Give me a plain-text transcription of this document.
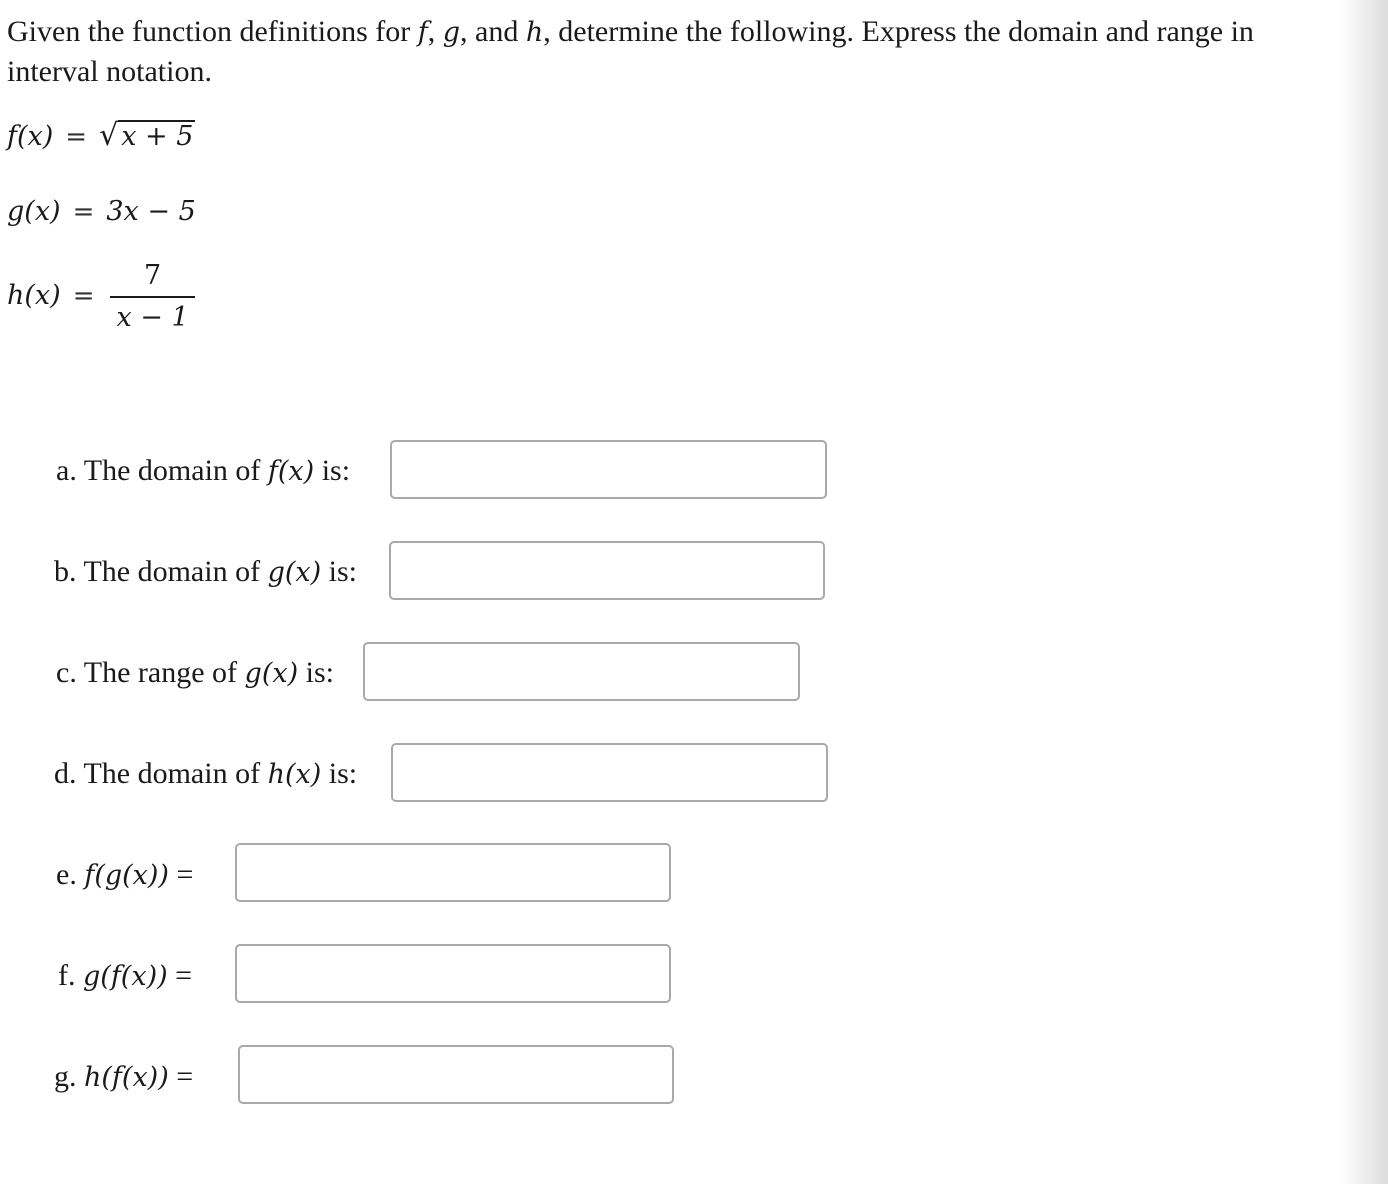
Given the function definitions for f, g, and h, determine the following. Express the domain and range in interval notation.

f(x) = √ x + 5
g(x) = 3x − 5
$h(x) = \frac{7}{x - 1}$
a. The domain of f(x) is:
b. The domain of g(x) is:
c. The range of g(x) is:
d. The domain of h(x) is:
e. f(g(x)) =
f. g(f(x)) =
g. h(f(x)) =
